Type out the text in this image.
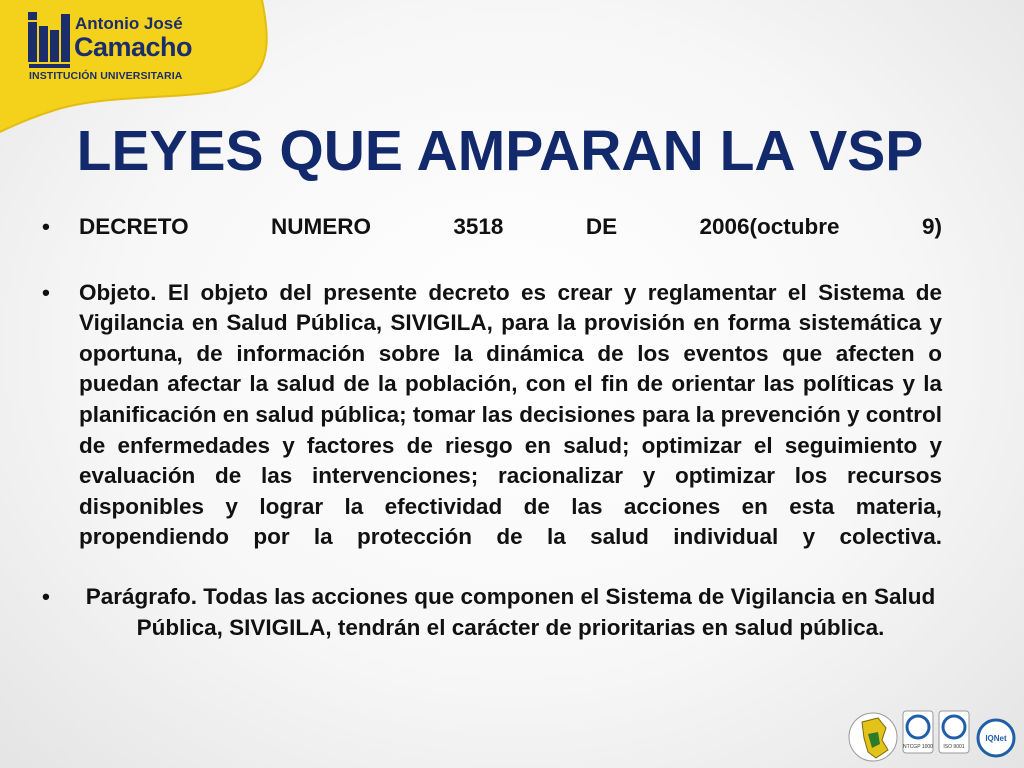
Antonio José
Camacho
INSTITUCIÓN UNIVERSITARIA
LEYES QUE AMPARAN LA VSP
•	DECRETO	NUMERO	3518	DE	2006(octubre	9)
•	Objeto. El objeto del presente decreto es crear y reglamentar el Sistema de Vigilancia en Salud Pública, SIVIGILA, para la provisión en forma sistemática y oportuna, de información sobre la dinámica de los eventos que afecten o puedan afectar la salud de la población, con el fin de orientar las políticas y la planificación en salud pública; tomar las decisiones para la prevención y control de enfermedades y factores de riesgo en salud; optimizar el seguimiento y evaluación de las intervenciones; racionalizar y optimizar los recursos disponibles y lograr la efectividad de las acciones en esta materia, propendiendo por la protección de la salud individual y colectiva.

•	Parágrafo. Todas las acciones que componen el Sistema de Vigilancia en Salud Pública, SIVIGILA, tendrán el carácter de prioritarias en salud pública.

NTCGP 1000 ISO 9001
IQNet
